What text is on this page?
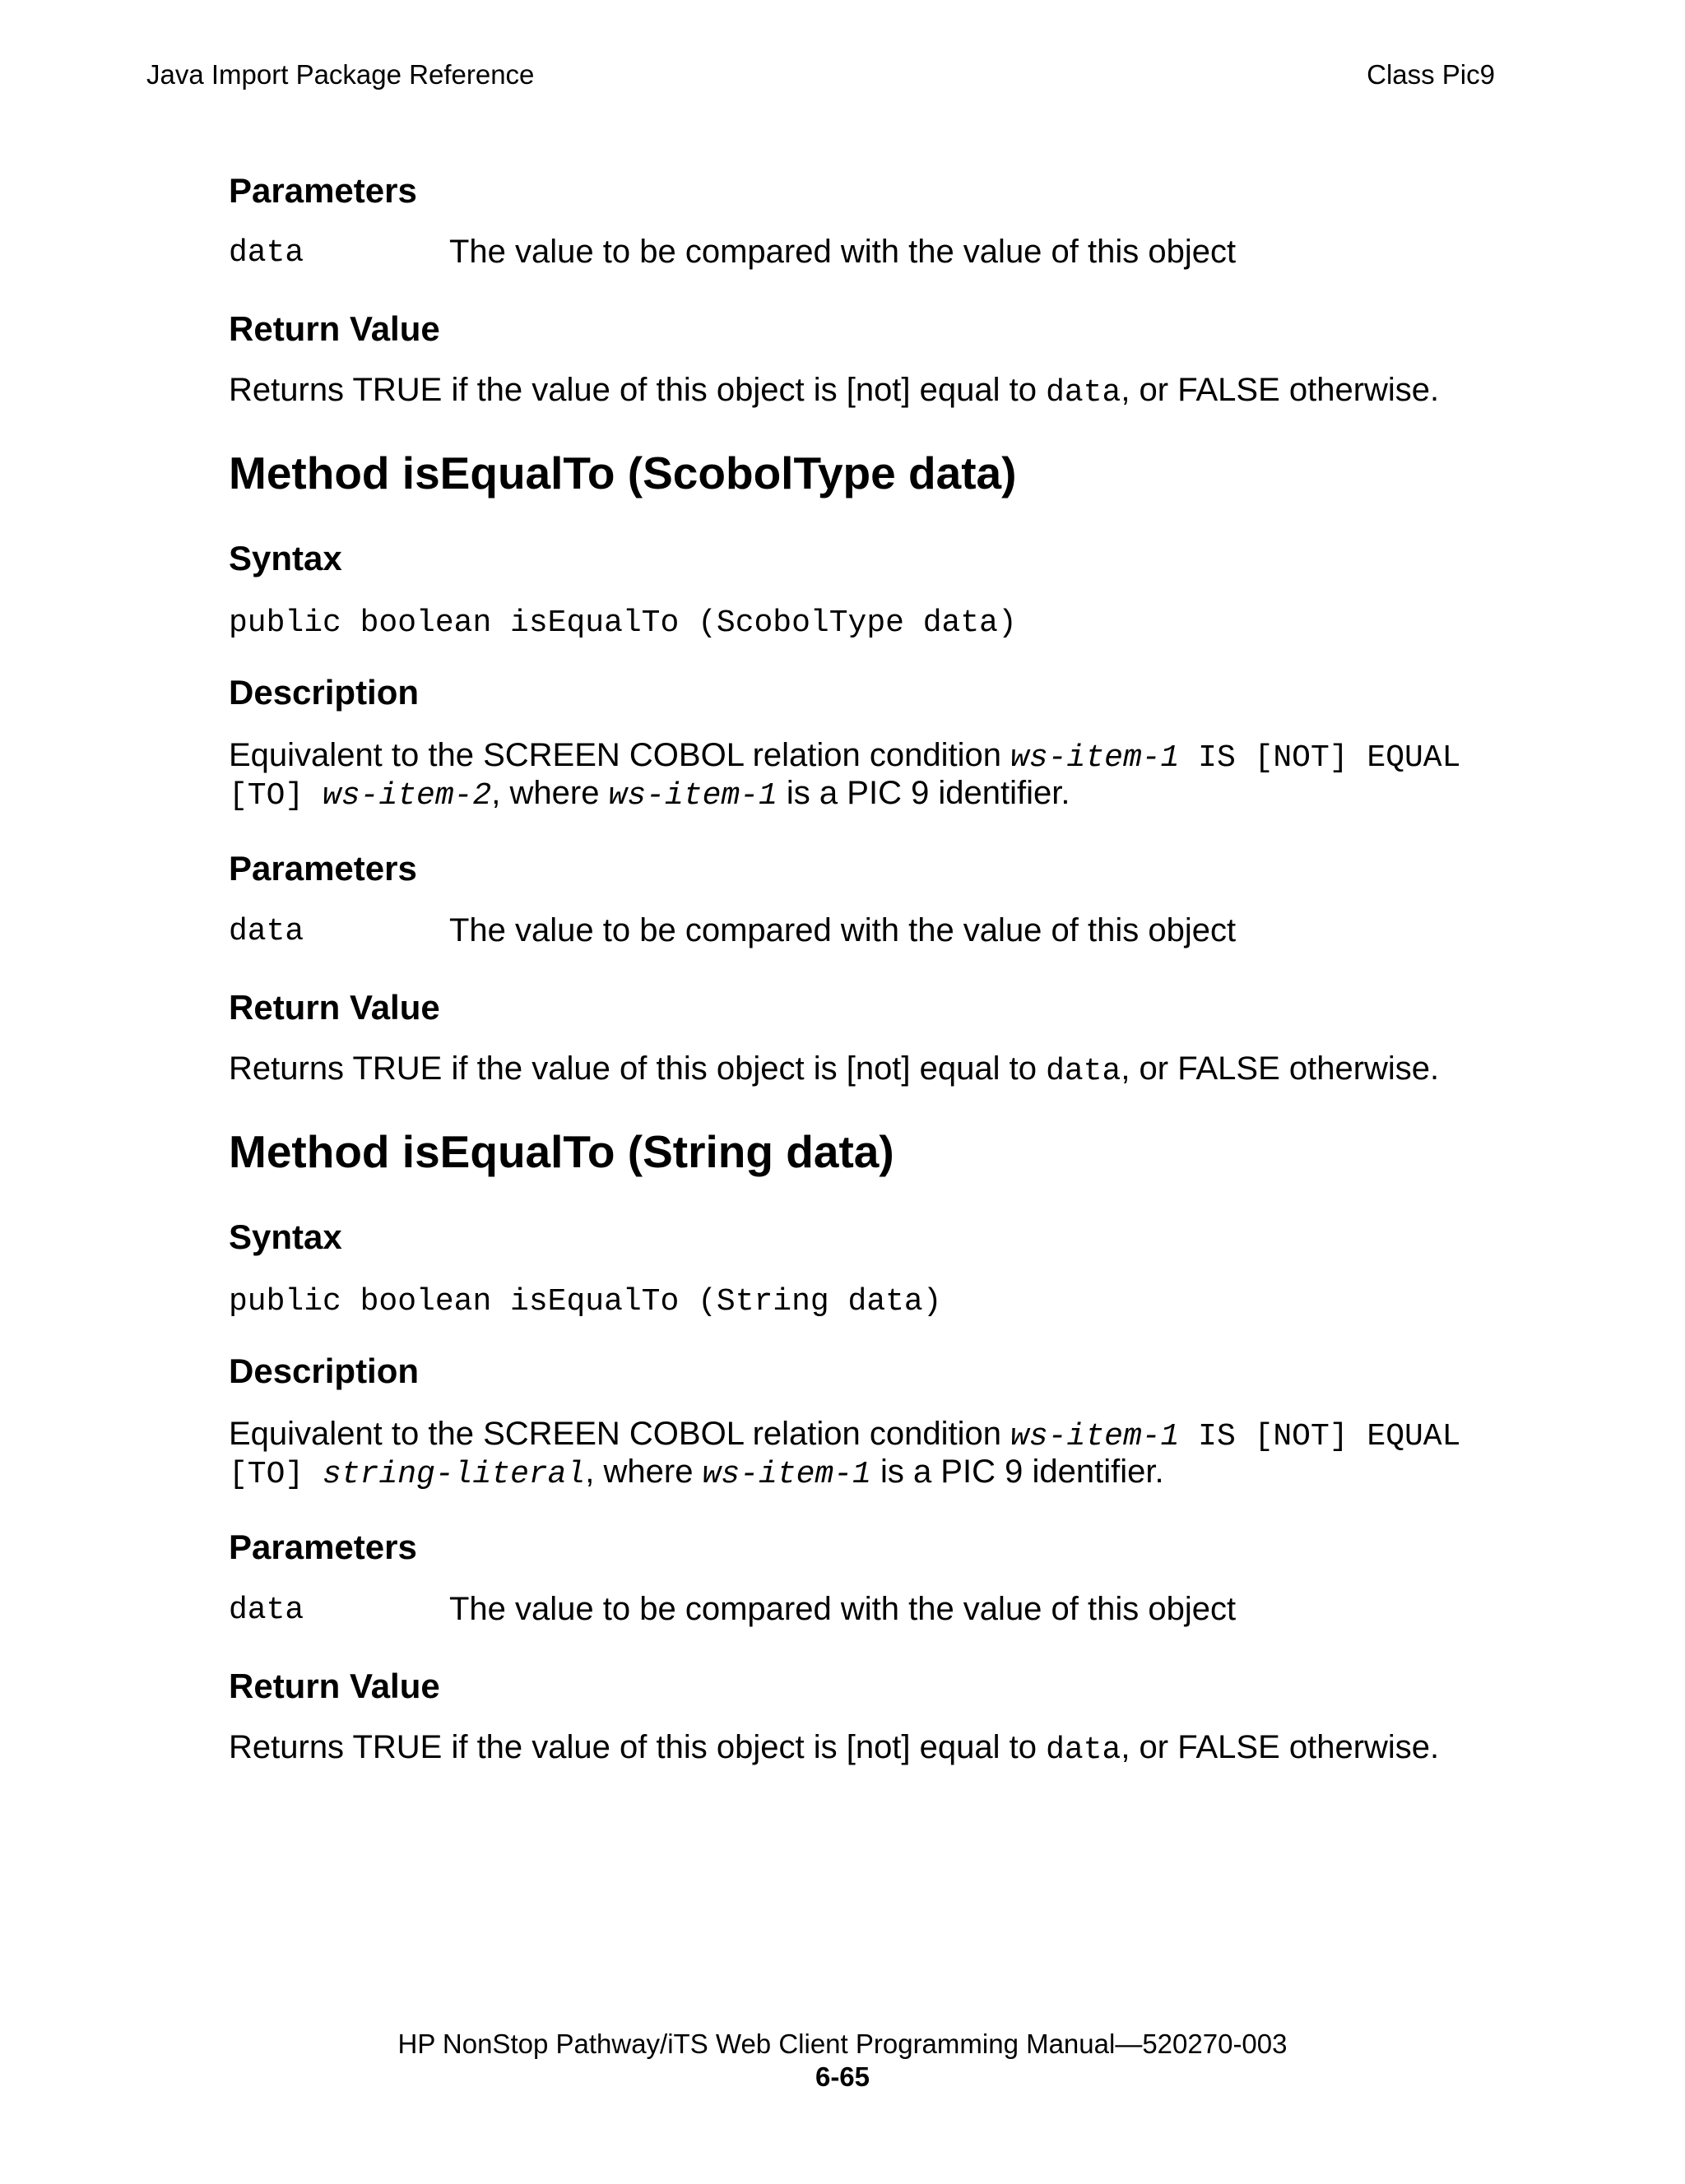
Java Import Package Reference	Class Pic9
Parameters
data	The value to be compared with the value of this object
Return Value
Returns TRUE if the value of this object is [not] equal to data, or FALSE otherwise.
Method isEqualTo (ScobolType data)
Syntax
public boolean isEqualTo (ScobolType data)
Description
Equivalent to the SCREEN COBOL relation condition ws-item-1 IS [NOT] EQUAL
[TO] ws-item-2, where ws-item-1 is a PIC 9 identifier.
Parameters
data	The value to be compared with the value of this object
Return Value
Returns TRUE if the value of this object is [not] equal to data, or FALSE otherwise.
Method isEqualTo (String data)
Syntax
public boolean isEqualTo (String data)
Description
Equivalent to the SCREEN COBOL relation condition ws-item-1 IS [NOT] EQUAL
[TO] string-literal, where ws-item-1 is a PIC 9 identifier.
Parameters
data	The value to be compared with the value of this object
Return Value
Returns TRUE if the value of this object is [not] equal to data, or FALSE otherwise.
HP NonStop Pathway/iTS Web Client Programming Manual—520270-003
6-65
